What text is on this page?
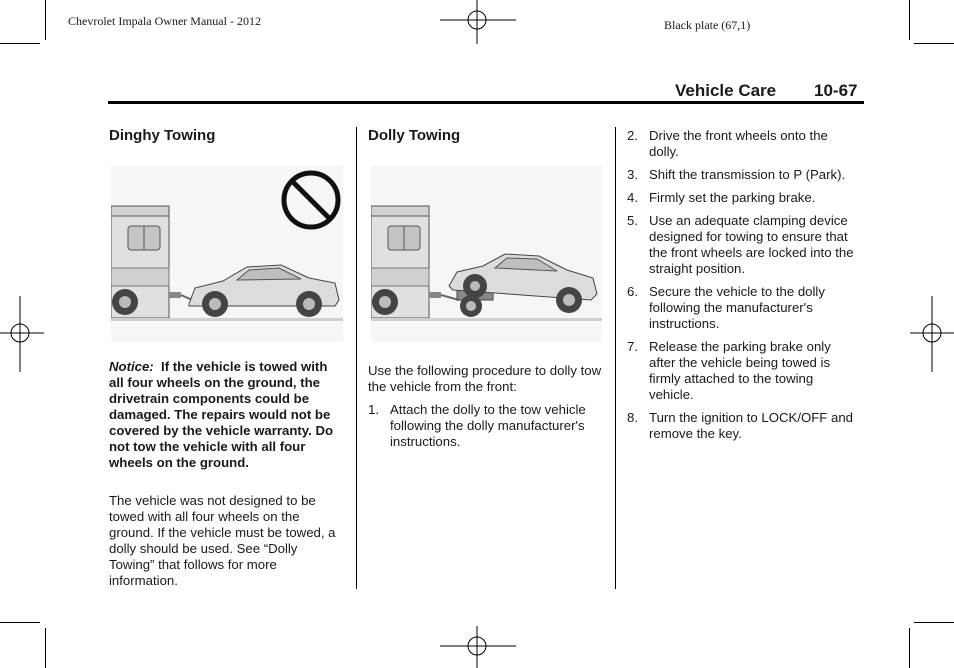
Chevrolet Impala Owner Manual - 2012	Black plate (67,1)
Vehicle Care 10-67
Dinghy Towing
Notice: If the vehicle is towed with all four wheels on the ground, the drivetrain components could be damaged. The repairs would not be covered by the vehicle warranty. Do not tow the vehicle with all four wheels on the ground.
The vehicle was not designed to be towed with all four wheels on the ground. If the vehicle must be towed, a dolly should be used. See “Dolly Towing” that follows for more information.
Dolly Towing
Use the following procedure to dolly tow the vehicle from the front:
1. Attach the dolly to the tow vehicle following the dolly manufacturer's instructions.
2. Drive the front wheels onto the dolly.
3. Shift the transmission to P (Park).
4. Firmly set the parking brake.
5. Use an adequate clamping device designed for towing to ensure that the front wheels are locked into the straight position.
6. Secure the vehicle to the dolly following the manufacturer's instructions.
7. Release the parking brake only after the vehicle being towed is firmly attached to the towing vehicle.
8. Turn the ignition to LOCK/OFF and remove the key.
